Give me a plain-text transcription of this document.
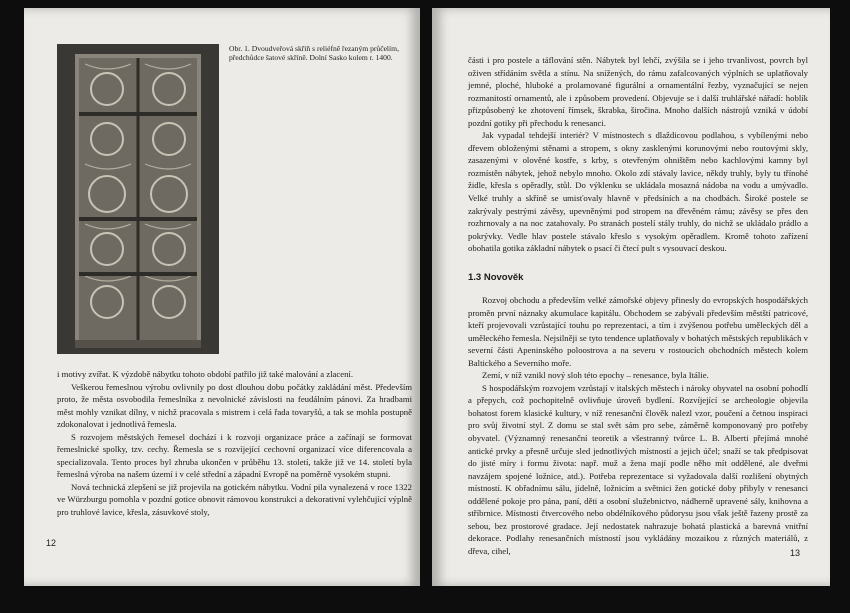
Obr. 1. Dvoudveřová skříň s reliéfně řezaným průčelím, předchůdce šatové skříně. Dolní Sasko kolem r. 1400.

i motivy zvířat. K výzdobě nábytku tohoto období patřilo již také malování a zlacení.

Veškerou řemeslnou výrobu ovlivnily po dost dlouhou dobu počátky zakládání měst. Především proto, že města osvobodila řemeslníka z nevolnické závislosti na feudálním pánovi. Za hradbami měst mohly vznikat dílny, v nichž pracovala s mistrem i celá řada tovaryšů, a tak se mohla postupně zdokonalovat i jednotlivá řemesla.

S rozvojem městských řemesel dochází i k rozvoji organizace práce a začínají se formovat řemeslnické spolky, tzv. cechy. Řemesla se s rozvíjející cechovní organizací více diferencovala a specializovala. Tento proces byl zhruba ukončen v průběhu 13. století, takže již ve 14. století byla řemeslná výroba na našem území i v celé střední a západní Evropě na poměrně vysokém stupni.

Nová technická zlepšení se již projevila na gotickém nábytku. Vodní pila vynalezená v roce 1322 ve Würzburgu pomohla v pozdní gotice obnovit rámovou konstrukci a dekorativní vylehčující výplně pro truhlové lavice, křesla, zásuvkové stoly,

12

části i pro postele a táflování stěn. Nábytek byl lehčí, zvýšila se i jeho trvanlivost, povrch byl oživen střídáním světla a stínu. Na snížených, do rámu zafalcovaných výplních se uplatňovaly jemné, ploché, hluboké a prolamované figurální a ornamentální řezby, vyznačující se nejen rozmanitostí ornamentů, ale i způsobem provedení. Objevuje se i další truhlářské nářadí: hoblík přizpůsobený ke zhotovení římsek, škrabka, širočina. Mnoho dalších nástrojů vzniká v údobí pozdní gotiky při přechodu k renesanci.

Jak vypadal tehdejší interiér? V místnostech s dlaždicovou podlahou, s vybílenými nebo dřevem obloženými stěnami a stropem, s okny zasklenými korunovými nebo routovými skly, zasazenými v olověné kostře, s krby, s otevřeným ohništěm nebo kachlovými kamny byl rozmístěn nábytek, jehož nebylo mnoho. Okolo zdí stávaly lavice, někdy truhly, byly tu třínohé židle, křesla s opěradly, stůl. Do výklenku se ukládala mosazná nádoba na vodu a umývadlo. Velké truhly a skříně se umisťovaly hlavně v předsíních a na chodbách. Široké postele se zakrývaly pestrými závěsy, upevněnými pod stropem na dřevěném rámu; závěsy se přes den rozhrnovaly a na noc zatahovaly. Po stranách postelí stály truhly, do nichž se ukládalo prádlo a pokrývky. Vedle hlav postele stávalo křeslo s vysokým opěradlem. Kromě tohoto zařízení obohatila gotika základní nábytek o psací či čtecí pult s vysouvací deskou.

1.3 Novověk

Rozvoj obchodu a především velké zámořské objevy přinesly do evropských hospodářských proměn první náznaky akumulace kapitálu. Obchodem se zabývali především městští patricové, kteří projevovali vzrůstající touhu po reprezentaci, a tím i zvýšenou potřebu uměleckých děl a uměleckého řemesla. Nejsilněji se tyto tendence uplatňovaly v bohatých městských republikách v severní části Apeninského poloostrova a na severu v rostoucích obchodních městech kolem Baltického a Severního moře.

Zemí, v níž vznikl nový sloh této epochy – renesance, byla Itálie.

S hospodářským rozvojem vzrůstají v italských městech i nároky obyvatel na osobní pohodlí a přepych, což pochopitelně ovlivňuje úroveň bydlení. Rozvíjející se archeologie objevila bohatost forem klasické kultury, v níž renesanční člověk nalezl vzor, poučení a četnou inspiraci pro svůj životní styl. Z domu se stal svět sám pro sebe, záměrně komponovaný pro potřeby obyvatel. (Významný renesanční teoretik a všestranný tvůrce L. B. Alberti přejímá mnohé antické prvky a přesně určuje sled jednotlivých místností a jejich účel; snaží se tak předpisovat do jisté míry i formu života: např. muž a žena mají podle něho mít oddělené, ale dveřmi navzájem spojené ložnice, atd.). Potřeba reprezentace si vyžadovala další rozlišení obytných místností. K obřadnímu sálu, jídelně, ložnicím a světnici žen gotické doby přibyly v renesanci oddělené pokoje pro pána, paní, děti a osobní služebnictvo, nádherně upravené sály, knihovna a stříbrnice. Místnosti čtvercového nebo obdélníkového půdorysu jsou však ještě řazeny prostě za sebou, bez prostorové gradace. Její nedostatek nahrazuje bohatá plastická a barevná vnitřní dekorace. Podlahy renesančních místností jsou vykládány mozaikou z různých materiálů, z dřeva, cihel,	13
